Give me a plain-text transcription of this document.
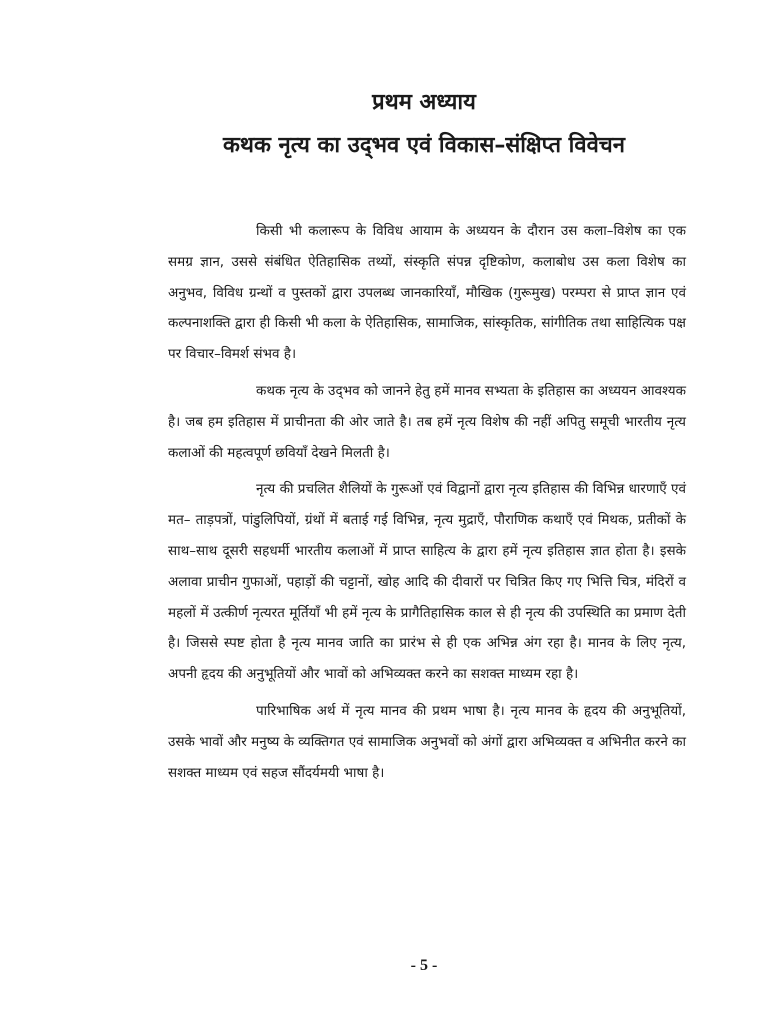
प्रथम अध्याय
कथक नृत्य का उद्‌भव एवं विकास–संक्षिप्त विवेचन

किसी भी कलारूप के विविध आयाम के अध्ययन के दौरान उस कला–विशेष का एक समग्र ज्ञान, उससे संबंधित ऐतिहासिक तथ्यों, संस्कृति संपन्न दृष्टिकोण, कलाबोध उस कला विशेष का अनुभव, विविध ग्रन्थों व पुस्तकों द्वारा उपलब्ध जानकारियाँ, मौखिक (गुरूमुख) परम्परा से प्राप्त ज्ञान एवं कल्पनाशक्ति द्वारा ही किसी भी कला के ऐतिहासिक, सामाजिक, सांस्कृतिक, सांगीतिक तथा साहित्यिक पक्ष पर विचार–विमर्श संभव है।

कथक नृत्य के उद्‌भव को जानने हेतु हमें मानव सभ्यता के इतिहास का अध्ययन आवश्यक है। जब हम इतिहास में प्राचीनता की ओर जाते है। तब हमें नृत्य विशेष की नहीं अपितु समूची भारतीय नृत्य कलाओं की महत्वपूर्ण छवियाँ देखने मिलती है।

नृत्य की प्रचलित शैलियों के गुरूओं एवं विद्वानों द्वारा नृत्य इतिहास की विभिन्न धारणाएँ एवं मत– ताड़पत्रों, पांडुलिपियों, ग्रंथों में बताई गई विभिन्न, नृत्य मुद्राएँ, पौराणिक कथाएँ एवं मिथक, प्रतीकों के साथ–साथ दूसरी सहधर्मी भारतीय कलाओं में प्राप्त साहित्य के द्वारा हमें नृत्य इतिहास ज्ञात होता है। इसके अलावा प्राचीन गुफाओं, पहाड़ों की चट्टानों, खोह आदि की दीवारों पर चित्रित किए गए भित्ति चित्र, मंदिरों व महलों में उत्कीर्ण नृत्यरत मूर्तियाँ भी हमें नृत्य के प्रागैतिहासिक काल से ही नृत्य की उपस्थिति का प्रमाण देती है। जिससे स्पष्ट होता है नृत्य मानव जाति का प्रारंभ से ही एक अभिन्न अंग रहा है। मानव के लिए नृत्य, अपनी हृदय की अनुभूतियों और भावों को अभिव्यक्त करने का सशक्त माध्यम रहा है।

पारिभाषिक अर्थ में नृत्य मानव की प्रथम भाषा है। नृत्य मानव के हृदय की अनुभूतियों, उसके भावों और मनुष्य के व्यक्तिगत एवं सामाजिक अनुभवों को अंगों द्वारा अभिव्यक्त व अभिनीत करने का सशक्त माध्यम एवं सहज सौंदर्यमयी भाषा है।

- 5 -
